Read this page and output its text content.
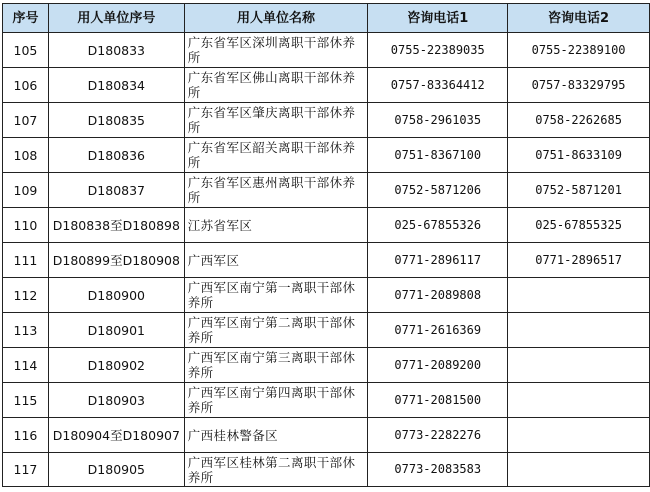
序号	用人单位序号	用人单位名称	咨询电话1	咨询电话2
105	D180833	广东省军区深圳离职干部休养所	0755-22389035	0755-22389100
106	D180834	广东省军区佛山离职干部休养所	0757-83364412	0757-83329795
107	D180835	广东省军区肇庆离职干部休养所	0758-2961035	0758-2262685
108	D180836	广东省军区韶关离职干部休养所	0751-8367100	0751-8633109
109	D180837	广东省军区惠州离职干部休养所	0752-5871206	0752-5871201
110	D180838至D180898	江苏省军区	025-67855326	025-67855325
111	D180899至D180908	广西军区	0771-2896117	0771-2896517
112	D180900	广西军区南宁第一离职干部休养所	0771-2089808	
113	D180901	广西军区南宁第二离职干部休养所	0771-2616369	
114	D180902	广西军区南宁第三离职干部休养所	0771-2089200	
115	D180903	广西军区南宁第四离职干部休养所	0771-2081500	
116	D180904至D180907	广西桂林警备区	0773-2282276	
117	D180905	广西军区桂林第二离职干部休养所	0773-2083583	
